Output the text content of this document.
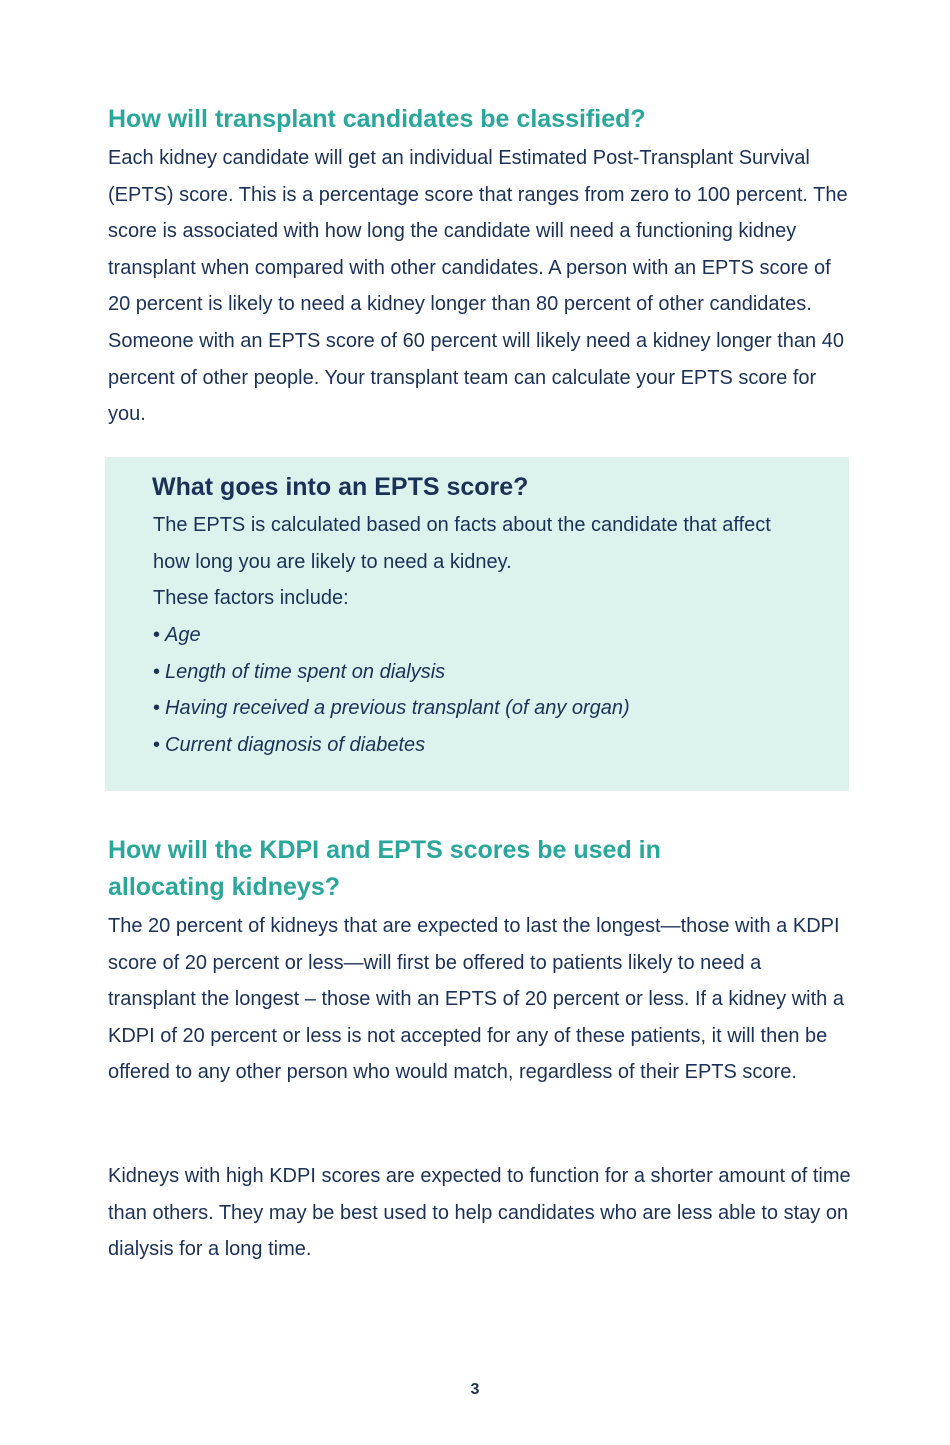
How will transplant candidates be classified?

Each kidney candidate will get an individual Estimated Post-Transplant Survival (EPTS) score. This is a percentage score that ranges from zero to 100 percent. The score is associated with how long the candidate will need a functioning kidney transplant when compared with other candidates. A person with an EPTS score of 20 percent is likely to need a kidney longer than 80 percent of other candidates. Someone with an EPTS score of 60 percent will likely need a kidney longer than 40 percent of other people. Your transplant team can calculate your EPTS score for you.

What goes into an EPTS score?

The EPTS is calculated based on facts about the candidate that affect how long you are likely to need a kidney.
These factors include:

• Age
• Length of time spent on dialysis
• Having received a previous transplant (of any organ)
• Current diagnosis of diabetes
How will the KDPI and EPTS scores be used in
allocating kidneys?

The 20 percent of kidneys that are expected to last the longest—those with a KDPI score of 20 percent or less—will first be offered to patients likely to need a transplant the longest – those with an EPTS of 20 percent or less. If a kidney with a KDPI of 20 percent or less is not accepted for any of these patients, it will then be offered to any other person who would match, regardless of their EPTS score.

Kidneys with high KDPI scores are expected to function for a shorter amount of time than others. They may be best used to help candidates who are less able to stay on dialysis for a long time.

3
